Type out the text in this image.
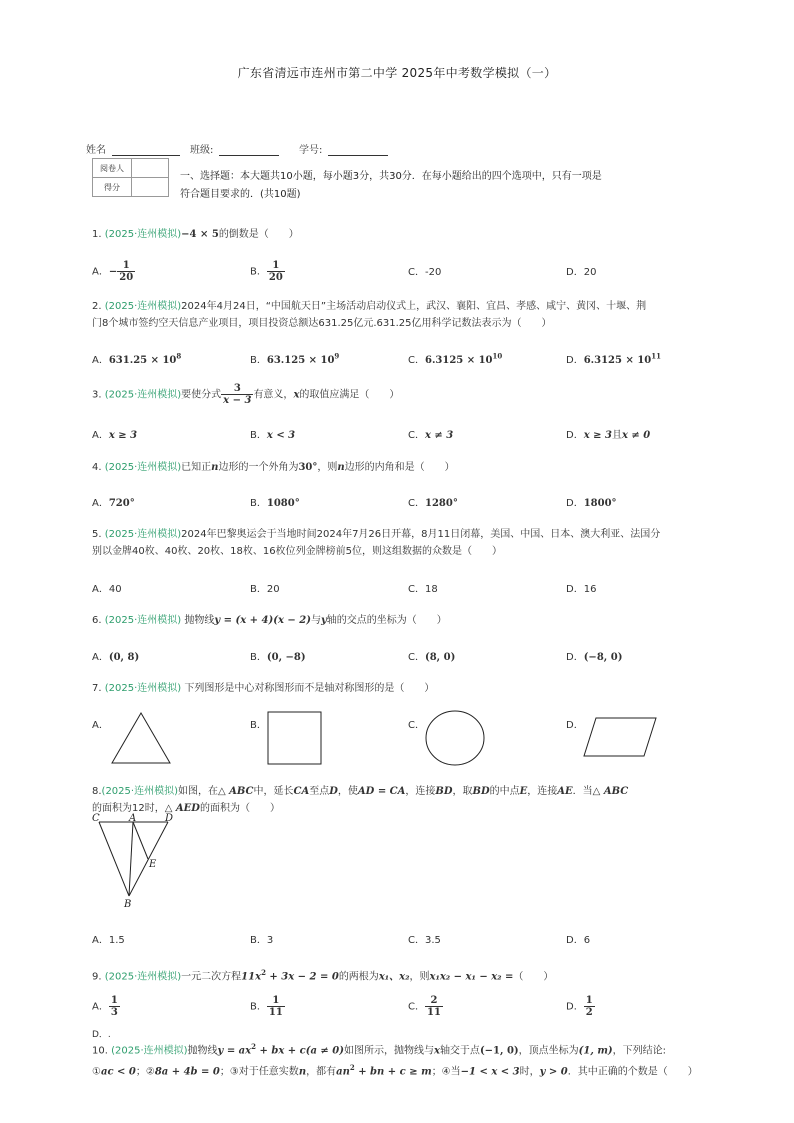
广东省清远市连州市第二中学 2025年中考数学模拟（一）
姓名	班级:	学号:
阅卷人	
得分	
一、选择题：本大题共10小题，每小题3分，共30分．在每小题给出的四个选项中，只有一项是
符合题目要求的．(共10题)
1. (2025·连州模拟)−4 × 5的倒数是（　　）
A．− $\frac{1}{20}$	B． $\frac{1}{20}$	C．-20	D．20
2. (2025·连州模拟)2024年4月24日，“中国航天日”主场活动启动仪式上，武汉、襄阳、宜昌、孝感、咸宁、黄冈、十堰、荆
门8个城市签约空天信息产业项目，项目投资总额达631.25亿元.631.25亿用科学记数法表示为（　　）
A．$631.25 \times 10^8$	B．$63.125 \times 10^9$	C．$6.3125 \times 10^{10}$	D．$6.3125 \times 10^{11}$
3. (2025·连州模拟)要使分式 $\frac{3}{x - 3}$ 有意义，x的取值应满足（　　）
A．x ≥ 3	B．x < 3	C．x ≠ 3	D．x ≥ 3且x ≠ 0
4. (2025·连州模拟)已知正n边形的一个外角为30°，则n边形的内角和是（　　）
A．720°	B．1080°	C．1280°	D．1800°
5. (2025·连州模拟)2024年巴黎奥运会于当地时间2024年7月26日开幕，8月11日闭幕，美国、中国、日本、澳大利亚、法国分
别以金牌40枚、40枚、20枚、18枚、16枚位列金牌榜前5位，则这组数据的众数是（　　）
A．40	B．20	C．18	D．16
6. (2025·连州模拟) 抛物线y = (x + 4)(x − 2)与y轴的交点的坐标为（　　）
A．(0, 8)	B．(0, −8)	C．(8, 0)	D．(−8, 0)
7. (2025·连州模拟) 下列图形是中心对称图形而不是轴对称图形的是（　　）
A．	B．	C．	D．
8.(2025·连州模拟)如图，在△ ABC中，延长CA至点D，使AD = CA，连接BD，取BD的中点E，连接AE．当△ ABC
的面积为12时，△ AED的面积为（　　）
C	A	D
E
B
A．1.5	B．3	C．3.5	D．6
9. (2025·连州模拟)一元二次方程$11x^2 + 3x - 2 = 0$的两根为x₁、x₂，则x₁x₂ − x₁ − x₂ =（　　）
A． $\frac{1}{3}$	B． $\frac{1}{11}$	C． $\frac{2}{11}$	D． $\frac{1}{2}$
D．.
10. (2025·连州模拟)抛物线$y = ax^2$ + bx + c(a ≠ 0)如图所示，抛物线与x轴交于点(−1, 0)，顶点坐标为(1, m)，下列结论:
①ac < 0；②8a + 4b = 0；③对于任意实数n，都有$an^2$ + bn + c ≥ m；④当−1 < x < 3时，y > 0．其中正确的个数是（　　）
